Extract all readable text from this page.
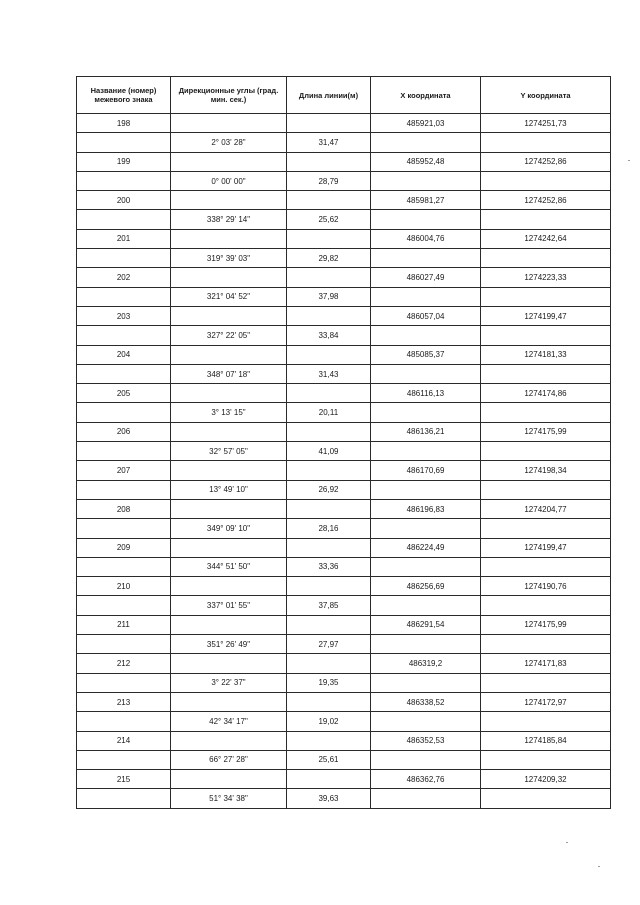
Название (номер) межевого знака	Дирекционные углы (град. мин. сек.)	Длина линии(м)	X координата	Y координата
198			485921,03	1274251,73
	2° 03' 28"	31,47		
199			485952,48	1274252,86
	0° 00' 00"	28,79		
200			485981,27	1274252,86
	338° 29' 14"	25,62		
201			486004,76	1274242,64
	319° 39' 03"	29,82		
202			486027,49	1274223,33
	321° 04' 52"	37,98		
203			486057,04	1274199,47
	327° 22' 05"	33,84		
204			485085,37	1274181,33
	348° 07' 18"	31,43		
205			486116,13	1274174,86
	3° 13' 15"	20,11		
206			486136,21	1274175,99
	32° 57' 05"	41,09		
207			486170,69	1274198,34
	13° 49' 10"	26,92		
208			486196,83	1274204,77
	349° 09' 10"	28,16		
209			486224,49	1274199,47
	344° 51' 50"	33,36		
210			486256,69	1274190,76
	337° 01' 55"	37,85		
211			486291,54	1274175,99
	351° 26' 49"	27,97		
212			486319,2	1274171,83
	3° 22' 37"	19,35		
213			486338,52	1274172,97
	42° 34' 17"	19,02		
214			486352,53	1274185,84
	66° 27' 28"	25,61		
215			486362,76	1274209,32
	51° 34' 38"	39,63		
